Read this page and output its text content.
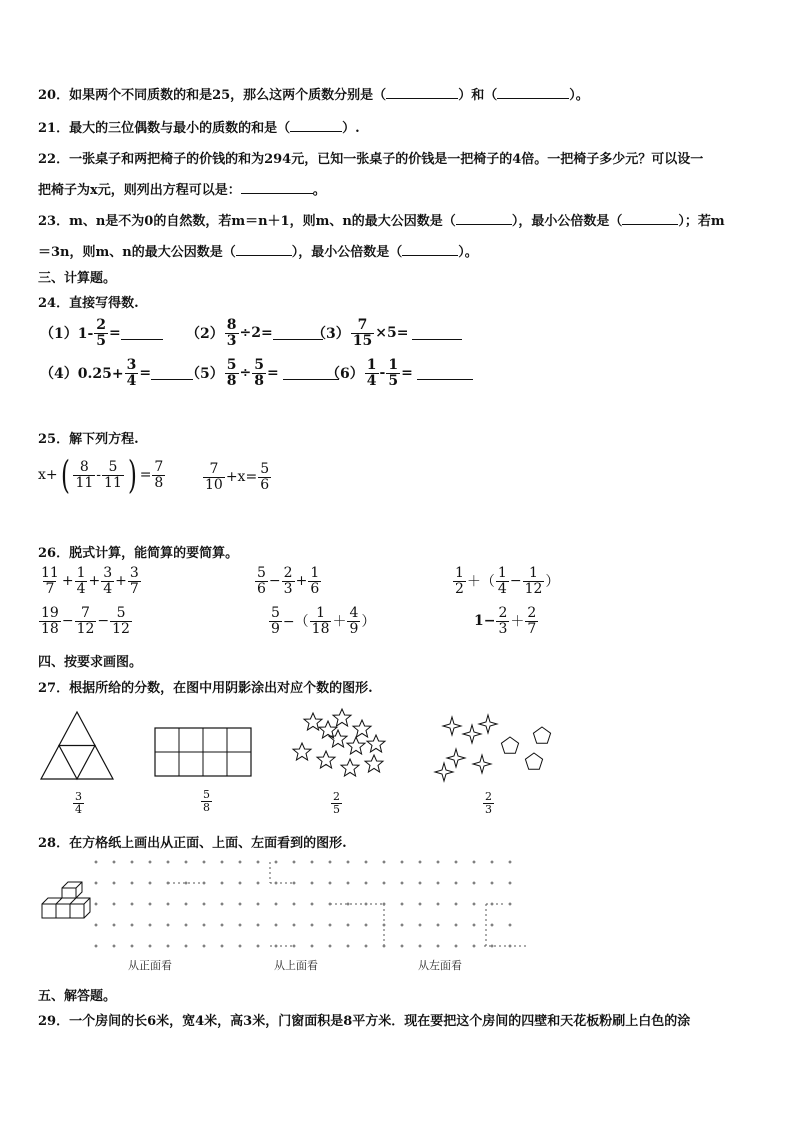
20．如果两个不同质数的和是25，那么这两个质数分别是（	）和（	）。
21．最大的三位偶数与最小的质数的和是（	）.
22．一张桌子和两把椅子的价钱的和为294元，已知一张桌子的价钱是一把椅子的4倍。一把椅子多少元？可以设一
把椅子为x元，则列出方程可以是：	。
23．m、n是不为0的自然数，若m＝n＋1，则m、n的最大公因数是（	），最小公倍数是（	）；若m
＝3n，则m、n的最大公因数是（	），最小公倍数是（	）。
三、计算题。
24．直接写得数.
$(1)1- \frac{2}{5}$ =	$(2) \frac{8}{3} \div 2=$	$(3) \frac{7}{15} \times 5=$
$(4)0.25+ \frac{3}{4} = (5) \frac{5}{8} \div \frac{5}{8}$ =	$(6) \frac{1}{4} - \frac{1}{5}$ =
25．解下列方程.
x+ ( $\frac{8}{11} - \frac{5}{11}$ ) = $\frac{7}{8}$	$\frac{7}{10} +x= \frac{5}{6}$
26．脱式计算，能简算的要简算。
$\frac{11}{7} + \frac{1}{4} + \frac{3}{4} + \frac{3}{7}$	$\frac{5}{6} - \frac{2}{3} + \frac{1}{6}$	$\frac{1}{2}$ ＋（ $\frac{1}{4} - \frac{1}{12}$ ）
$\frac{19}{18} - \frac{7}{12} - \frac{5}{12}$	$\frac{5}{9}$ −（ $\frac{1}{18} + \frac{4}{9}$ ）	$1- \frac{2}{3} + \frac{2}{7}$
四、按要求画图。
27．根据所给的分数，在图中用阴影涂出对应个数的图形.
$\frac{3}{4}$	$\frac{5}{8}$	$\frac{2}{5}$	$\frac{2}{3}$
28．在方格纸上画出从正面、上面、左面看到的图形.
从正面看	从上面看	从左面看
五、解答题。
29．一个房间的长6米，宽4米，高3米，门窗面积是8平方米．现在要把这个房间的四壁和天花板粉刷上白色的涂
